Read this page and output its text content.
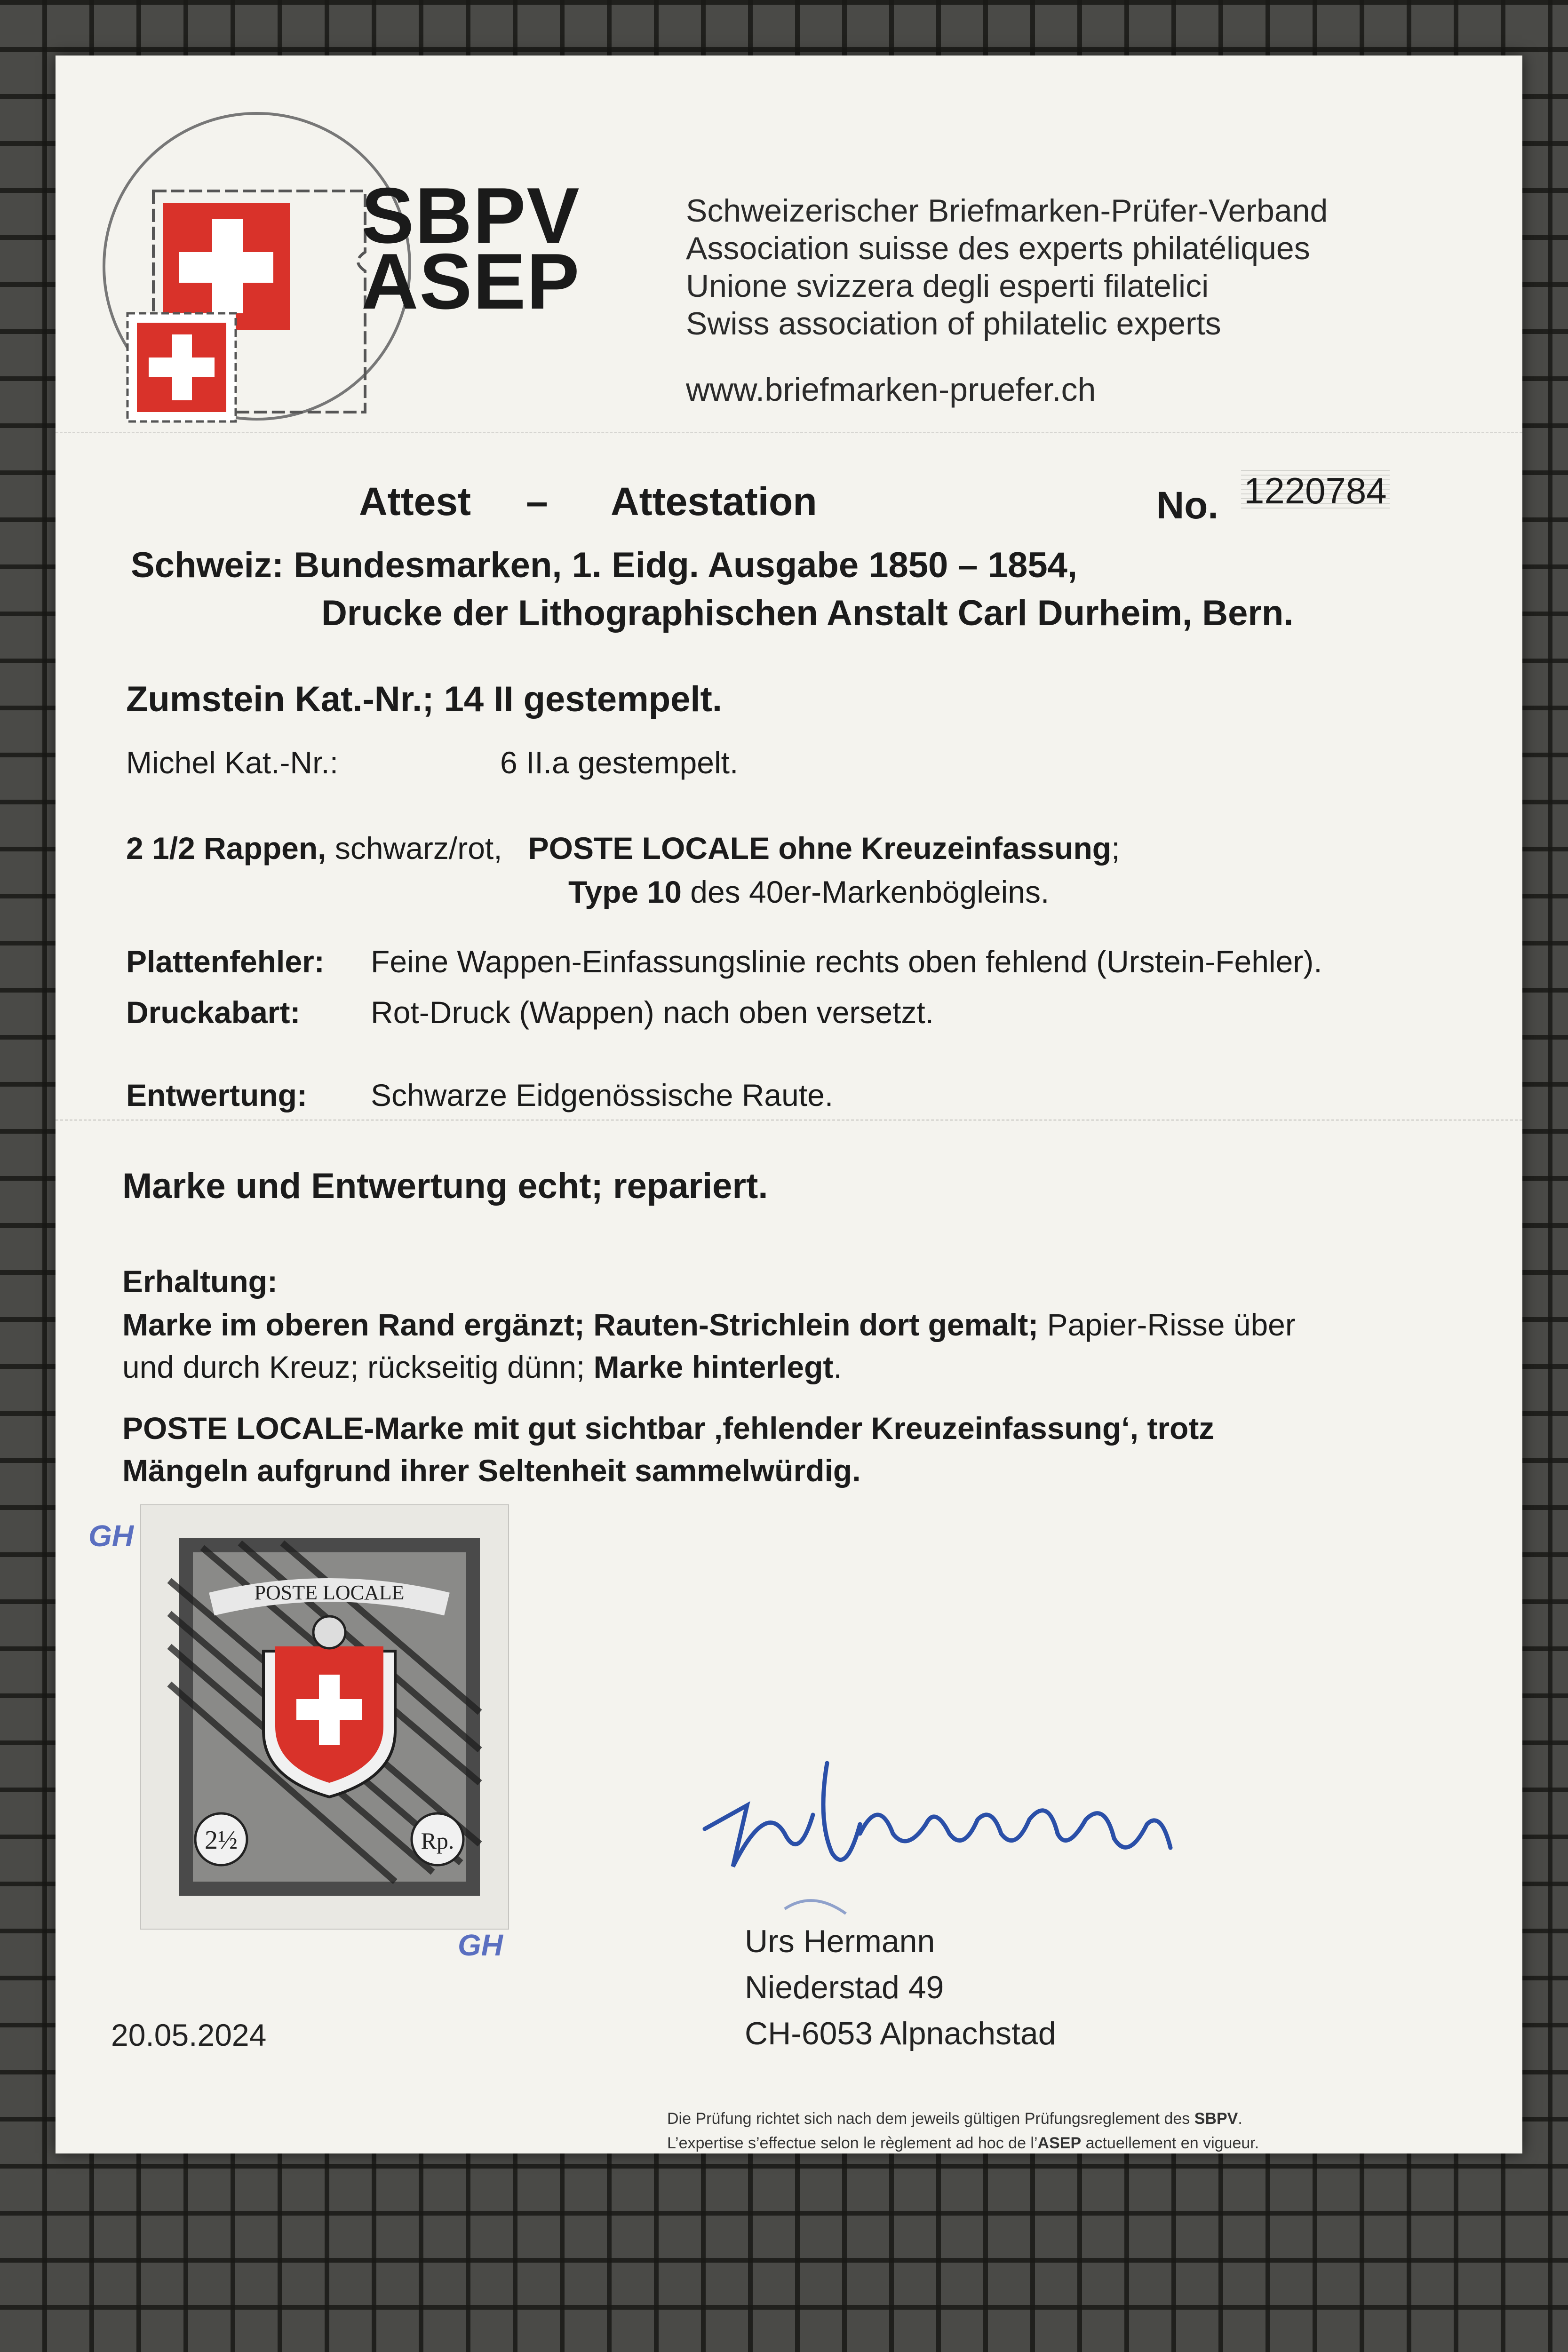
SBPV
ASEP
Schweizerischer Briefmarken-Prüfer-Verband
Association suisse des experts philatéliques
Unione svizzera degli esperti filatelici
Swiss association of philatelic experts
www.briefmarken-pruefer.ch
Attest – Attestation	No. 1220784
Schweiz: Bundesmarken, 1. Eidg. Ausgabe 1850 – 1854,
Drucke der Lithographischen Anstalt Carl Durheim, Bern.
Zumstein Kat.-Nr.; 14 II gestempelt.
Michel Kat.-Nr.:	6 II.a gestempelt.
2 1/2 Rappen, schwarz/rot, POSTE LOCALE ohne Kreuzeinfassung;
Type 10 des 40er-Markenbögleins.
Plattenfehler: Feine Wappen-Einfassungslinie rechts oben fehlend (Urstein-Fehler).
Druckabart: Rot-Druck (Wappen) nach oben versetzt.
Entwertung: Schwarze Eidgenössische Raute.
Marke und Entwertung echt; repariert.
Erhaltung:
Marke im oberen Rand ergänzt; Rauten-Strichlein dort gemalt; Papier-Risse über
und durch Kreuz; rückseitig dünn; Marke hinterlegt.
POSTE LOCALE-Marke mit gut sichtbar ‚fehlender Kreuzeinfassung‘, trotz
Mängeln aufgrund ihrer Seltenheit sammelwürdig.
POSTE LOCALE
2½	Rp.
GH
GH	Urs Hermann
Niederstad 49
CH-6053 Alpnachstad
20.05.2024
Die Prüfung richtet sich nach dem jeweils gültigen Prüfungsreglement des SBPV.
L’expertise s’effectue selon le règlement ad hoc de l’ASEP actuellement en vigueur.
